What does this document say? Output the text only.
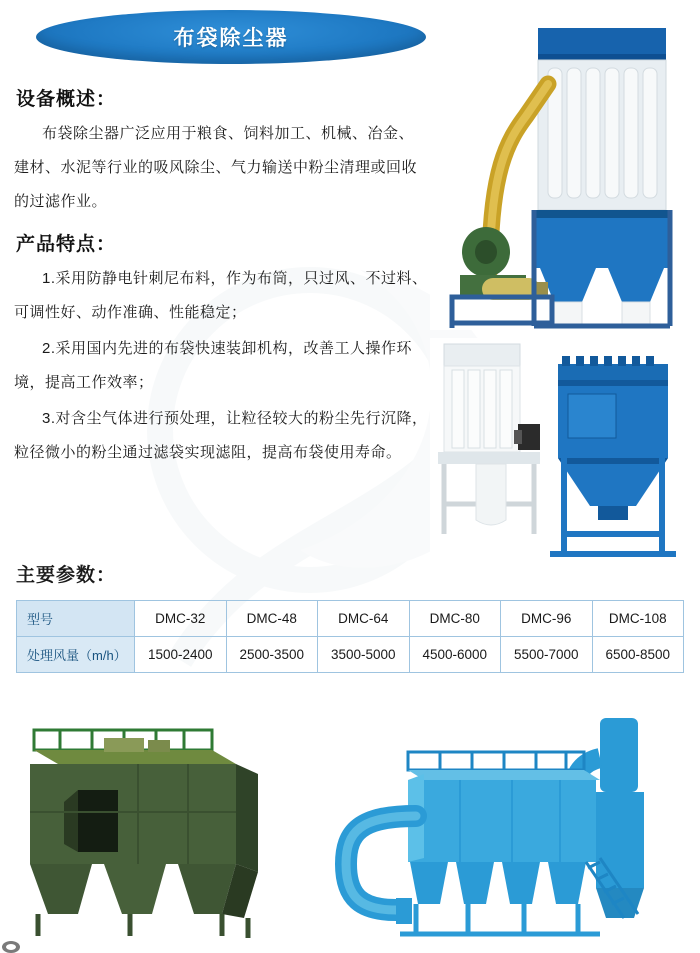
布袋除尘器
设备概述：

布袋除尘器广泛应用于粮食、饲料加工、机械、冶金、建材、水泥等行业的吸风除尘、气力输送中粉尘清理或回收的过滤作业。

产品特点：

1.采用防静电针刺尼布料，作为布筒，只过风、不过料、可调性好、动作准确、性能稳定；

2.采用国内先进的布袋快速装卸机构，改善工人操作环境，提高工作效率；

3.对含尘气体进行预处理，让粒径较大的粉尘先行沉降，粒径微小的粉尘通过滤袋实现滤阻，提高布袋使用寿命。

主要参数：
型号	DMC-32	DMC-48	DMC-64	DMC-80	DMC-96	DMC-108
处理风量（m/h）	1500-2400	2500-3500	3500-5000	4500-6000	5500-7000	6500-8500
